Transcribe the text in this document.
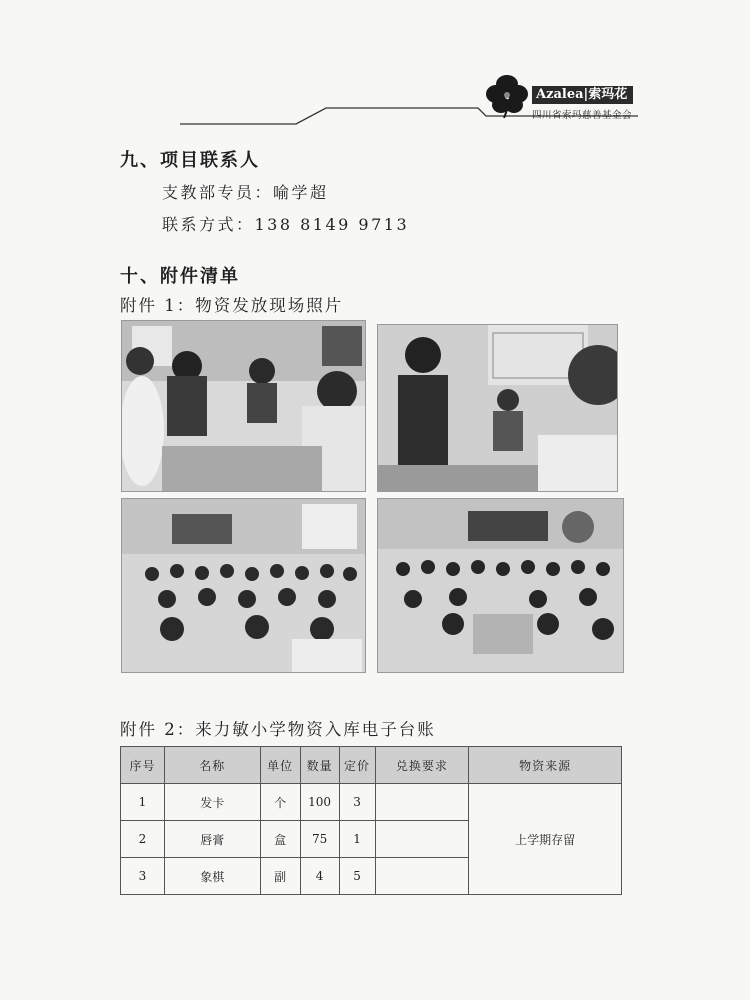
Azalea|索玛花
四川省索玛慈善基金会
九、项目联系人
支教部专员：喻学超
联系方式：138 8149 9713
十、附件清单
附件 1：物资发放现场照片
附件 2：来力敏小学物资入库电子台账
序号	名称	单位	数量	定价	兑换要求	物资来源
1	发卡	个	100	3		上学期存留
2	唇膏	盒	75	1		
3	象棋	副	4	5		
